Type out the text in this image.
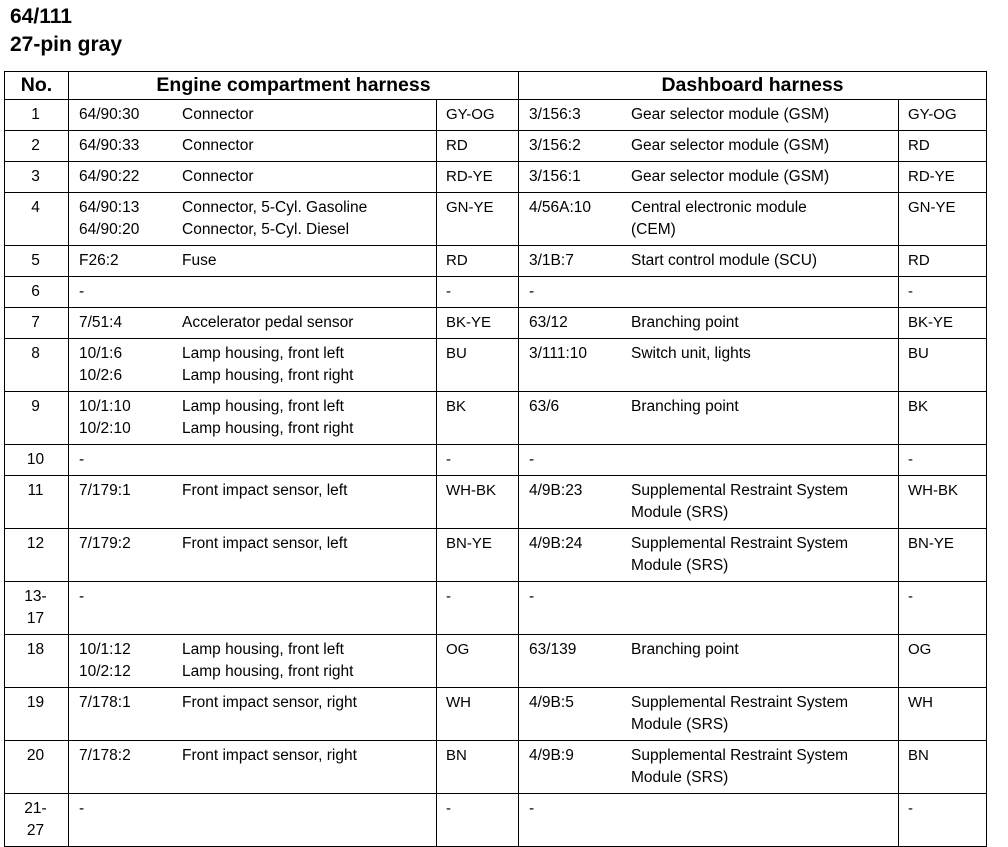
64/111
27-pin gray
No.	Engine compartment harness		Dashboard harness	

1	64/90:30 Connector	GY-OG	3/156:3 Gear selector module (GSM)	GY-OG

2	64/90:33 Connector	RD	3/156:2 Gear selector module (GSM)	RD

3	64/90:22 Connector	RD-YE	3/156:1 Gear selector module (GSM)	RD-YE

4	64/90:13 Connector, 5-Cyl. Gasoline
64/90:20 Connector, 5-Cyl. Diesel	GN-YE	4/56A:10 Central electronic module
(CEM)	GN-YE

5	F26:2 Fuse	RD	3/1B:7 Start control module (SCU)	RD

6	-	-	-	-

7	7/51:4 Accelerator pedal sensor	BK-YE	63/12 Branching point	BK-YE

8	10/1:6 Lamp housing, front left
10/2:6 Lamp housing, front right	BU	3/111:10 Switch unit, lights	BU

9	10/1:10 Lamp housing, front left
10/2:10 Lamp housing, front right	BK	63/6 Branching point	BK

10	-	-	-	-

11	7/179:1 Front impact sensor, left	WH-BK	4/9B:23 Supplemental Restraint System
Module (SRS)	WH-BK

12	7/179:2 Front impact sensor, left	BN-YE	4/9B:24 Supplemental Restraint System
Module (SRS)	BN-YE

13-
17	-	-	-	-

18	10/1:12 Lamp housing, front left
10/2:12 Lamp housing, front right	OG	63/139 Branching point	OG

19	7/178:1 Front impact sensor, right	WH	4/9B:5 Supplemental Restraint System
Module (SRS)	WH

20	7/178:2 Front impact sensor, right	BN	4/9B:9 Supplemental Restraint System
Module (SRS)	BN

21-
27	-	-	-	-
